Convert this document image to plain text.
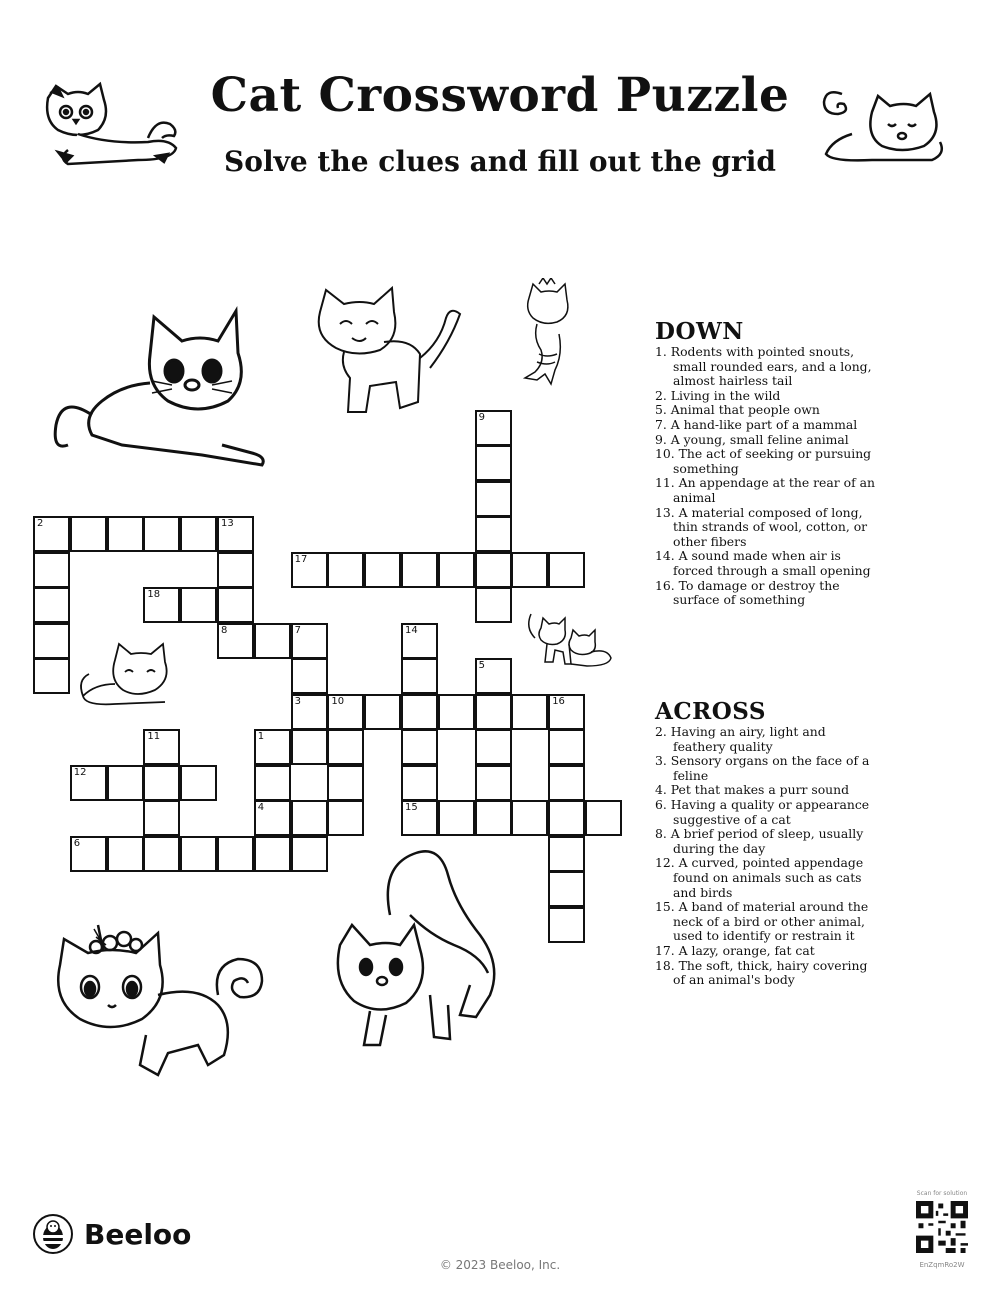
Cat Crossword Puzzle
Solve the clues and fill out the grid
2	13
8
18
17
9
7
3
14
5
10	16
11	1
4
12
15
6
DOWN

1. Rodents with pointed snouts, small rounded ears, and a long, almost hairless tail

2. Living in the wild

5. Animal that people own

7. A hand-like part of a mammal

9. A young, small feline animal

10. The act of seeking or pursuing something

11. An appendage at the rear of an animal

13. A material composed of long, thin strands of wool, cotton, or other fibers

14. A sound made when air is forced through a small opening

16. To damage or destroy the surface of something

ACROSS

2. Having an airy, light and feathery quality

3. Sensory organs on the face of a feline

4. Pet that makes a purr sound

6. Having a quality or appearance suggestive of a cat

8. A brief period of sleep, usually during the day

12. A curved, pointed appendage found on animals such as cats and birds

15. A band of material around the neck of a bird or other animal, used to identify or restrain it

17. A lazy, orange, fat cat

18. The soft, thick, hairy covering of an animal's body

Beeloo
© 2023 Beeloo, Inc.
Scan for solution
EnZqmRo2W
